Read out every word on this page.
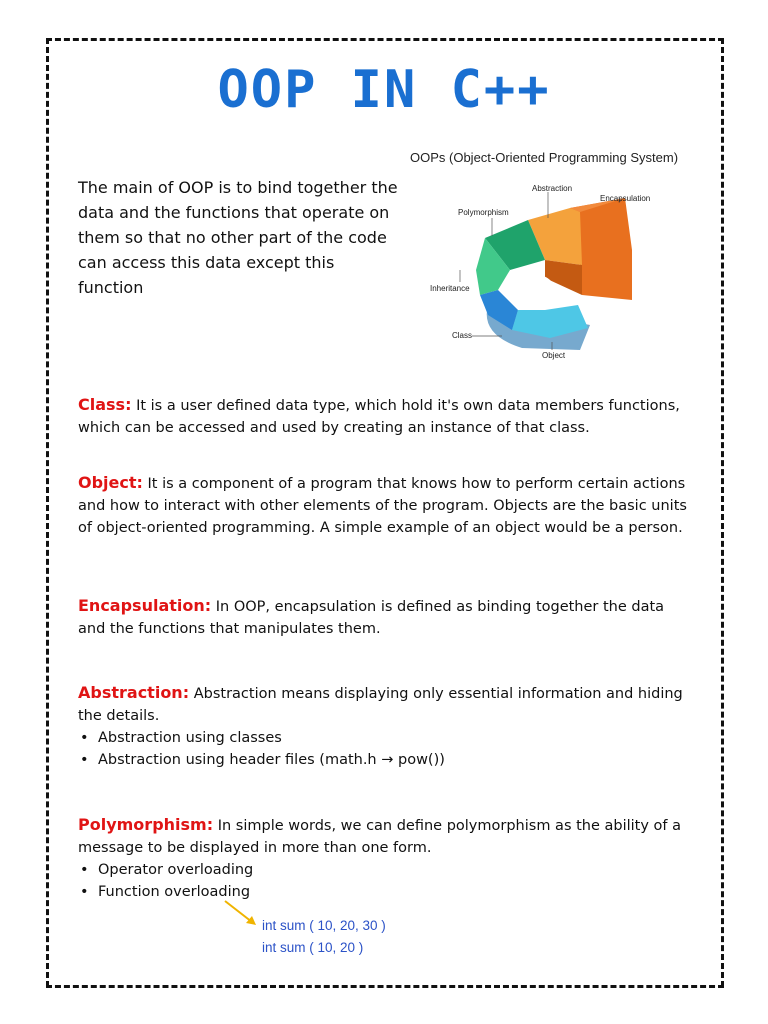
OOP IN C++
The main of OOP is to bind together the data and the functions that operate on them so that no other part of the code can access this data except this function
OOPs (Object-Oriented Programming System)
Abstraction
Encapsulation
Polymorphism
Inheritance
Class
Object
Class: It is a user defined data type, which hold it's own data members functions, which can be accessed and used by creating an instance of that class.
Object: It is a component of a program that knows how to perform certain actions and how to interact with other elements of the program. Objects are the basic units of object-oriented programming. A simple example of an object would be a person.
Encapsulation: In OOP, encapsulation is defined as binding together the data and the functions that manipulates them.
Abstraction: Abstraction means displaying only essential information and hiding the details.
• Abstraction using classes
• Abstraction using header files (math.h → pow())
Polymorphism: In simple words, we can define polymorphism as the ability of a message to be displayed in more than one form.
• Operator overloading
• Function overloading
int sum ( 10, 20, 30 )
int sum ( 10, 20 )
